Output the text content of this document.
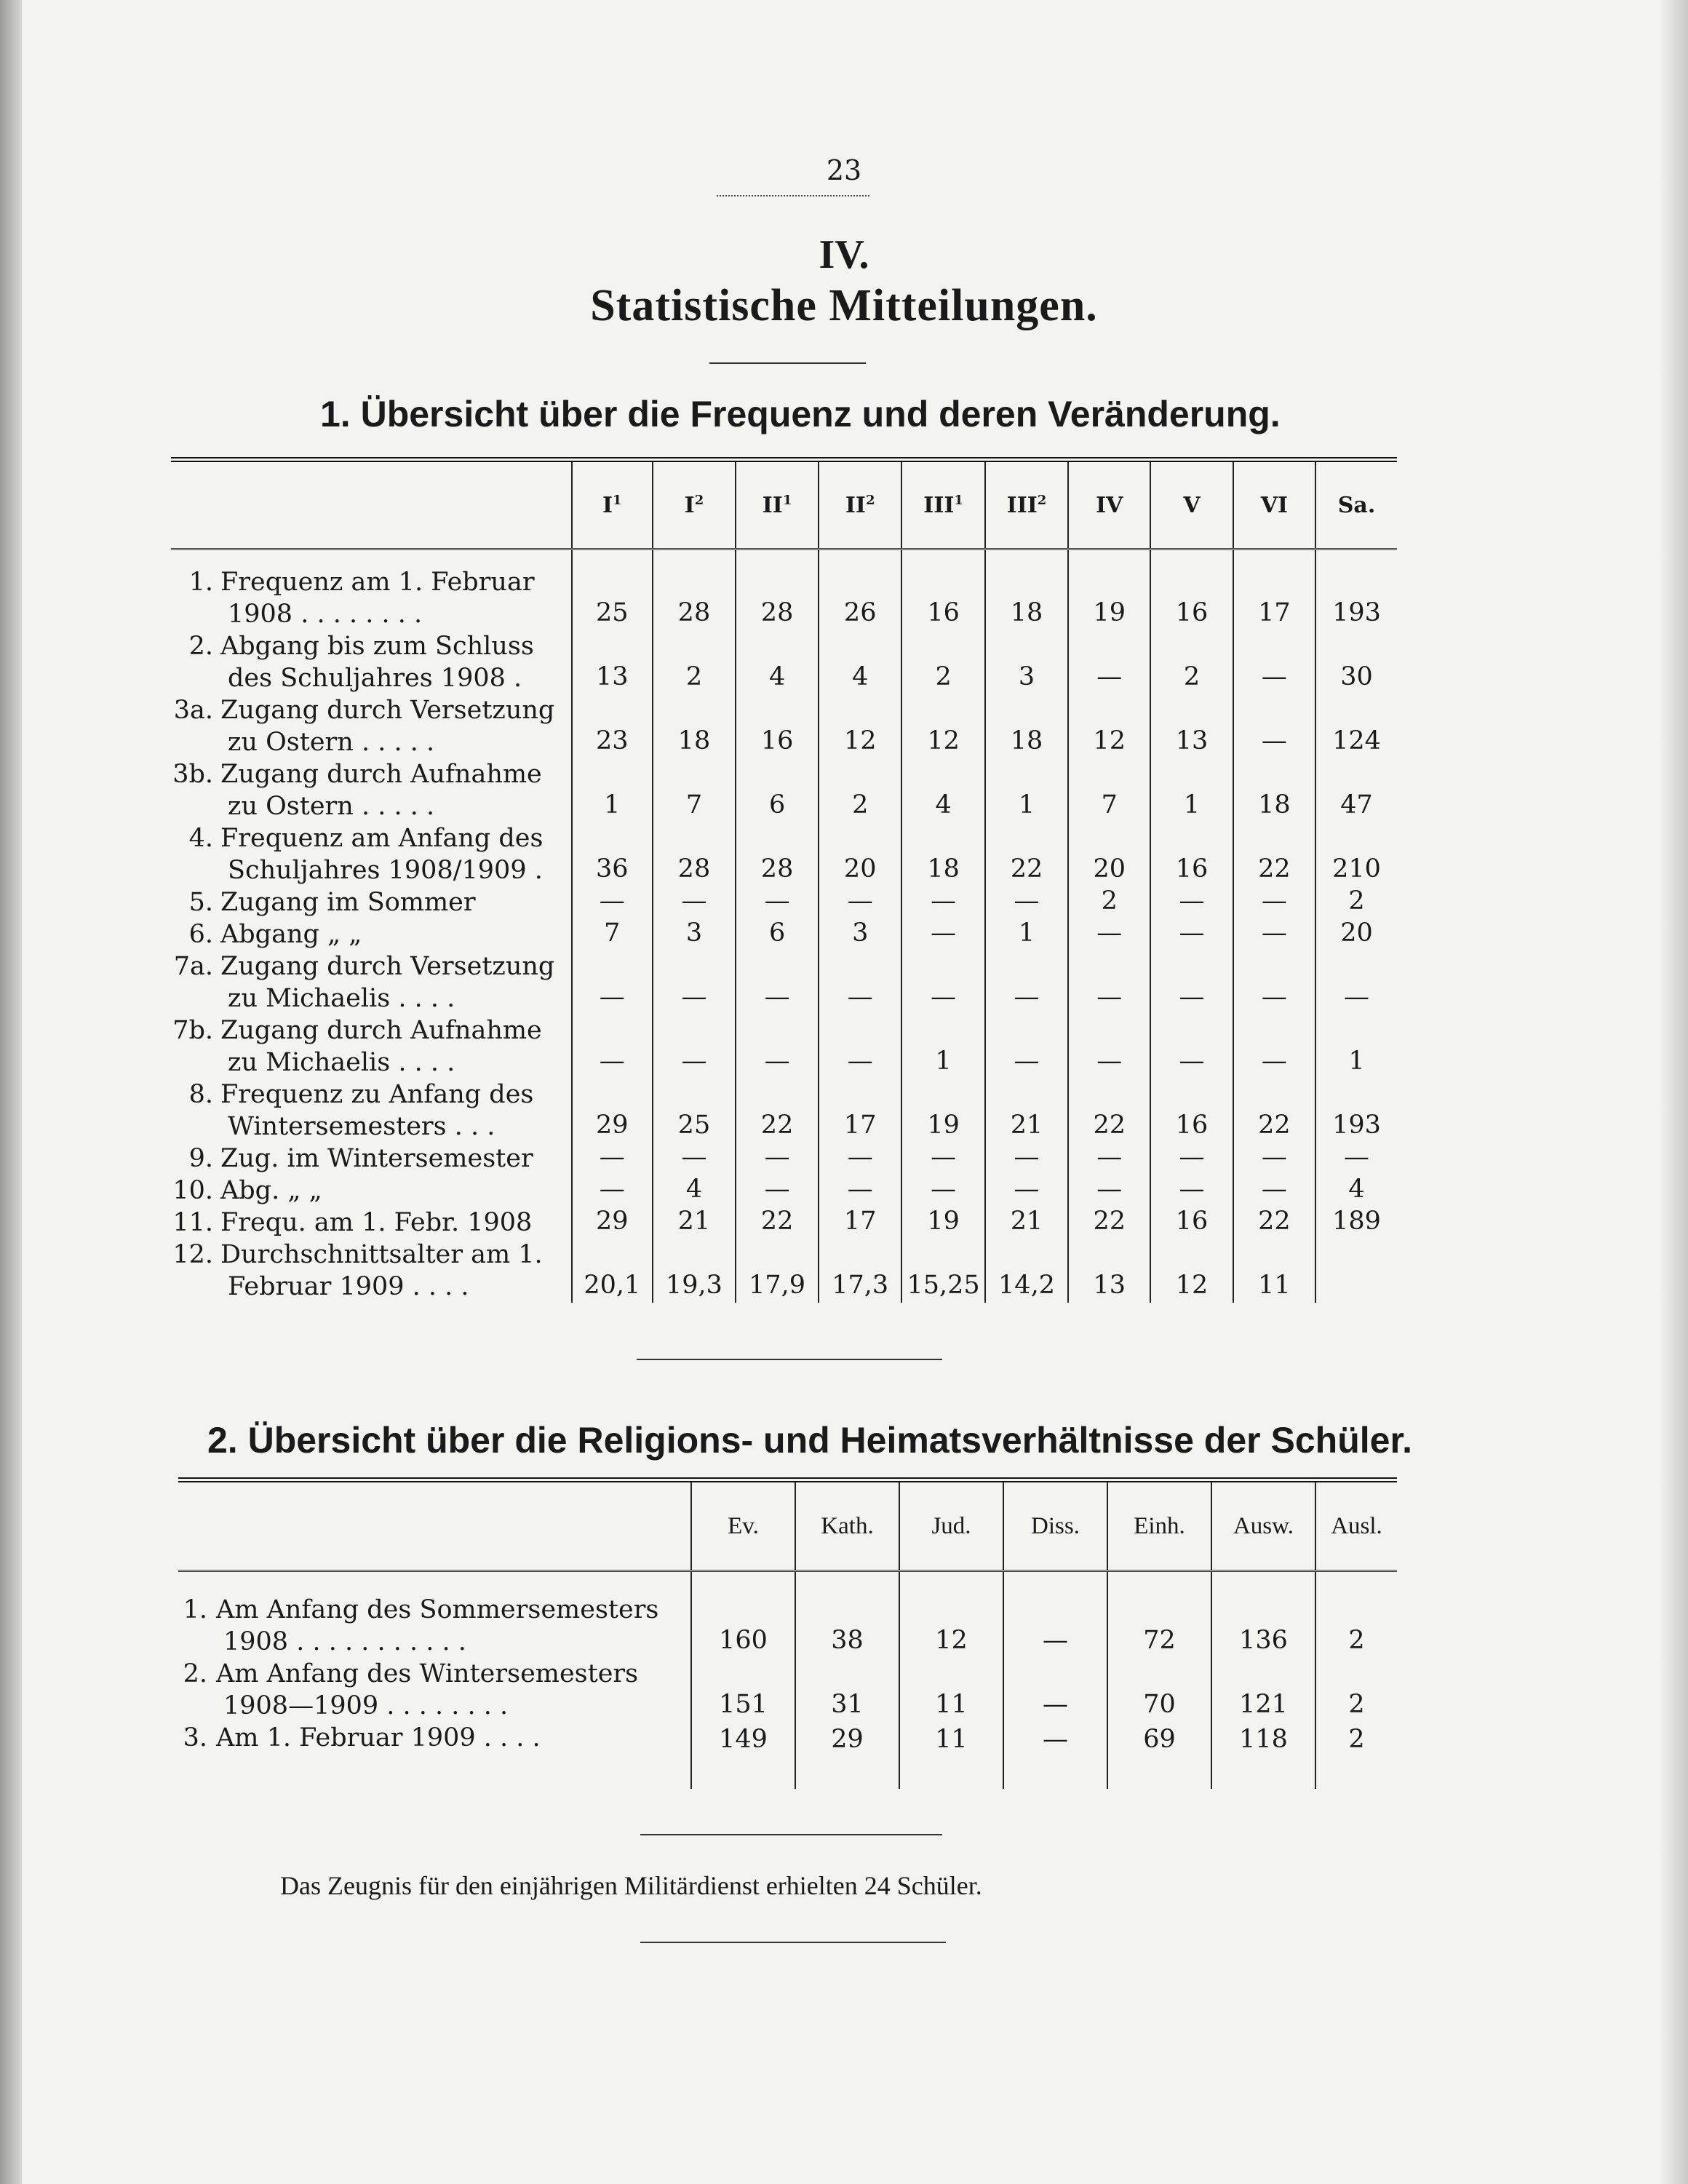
23
IV.
Statistische Mitteilungen.
1. Übersicht über die Frequenz und deren Veränderung.
	$I^1$	$I^2$	$II^1$	$II^2$	III$^1$	III$^2$	IV	V	VI	Sa.

1. Frequenz am 1. Februar
1908 . . . . . . . .	25	28	28	26	16	18	19	16	17	193

2. Abgang bis zum Schluss
des Schuljahres 1908 .	13	2	4	4	2	3	—	2	—	30

3a. Zugang durch Versetzung
zu Ostern . . . . .	23	18	16	12	12	18	12	13	—	124

3b. Zugang durch Aufnahme
zu Ostern . . . . .	1	7	6	2	4	1	7	1	18	47

4. Frequenz am Anfang des
Schuljahres 1908/1909 .	36	28	28	20	18	22	20	16	22	210

5. Zugang im Sommer	—	—	—	—	—	—	2	—	—	2

6. Abgang „ „	7	3	6	3	—	1	—	—	—	20

7a. Zugang durch Versetzung
zu Michaelis . . . .	—	—	—	—	—	—	—	—	—	—

7b. Zugang durch Aufnahme
zu Michaelis . . . .	—	—	—	—	1	—	—	—	—	1

8. Frequenz zu Anfang des
Wintersemesters . . .	29	25	22	17	19	21	22	16	22	193

9. Zug. im Wintersemester	—	—	—	—	—	—	—	—	—	—

10. Abg. „ „	—	4	—	—	—	—	—	—	—	4

11. Frequ. am 1. Febr. 1908	29	21	22	17	19	21	22	16	22	189

12. Durchschnittsalter am 1.
Februar 1909 . . . .	20,1	19,3	17,9	17,3	15,25	14,2	13	12	11	
2. Übersicht über die Religions- und Heimatsverhältnisse der Schüler.
	Ev.	Kath.	Jud.	Diss.	Einh.	Ausw.	Ausl.

1. Am Anfang des Sommersemesters
1908 . . . . . . . . . . .	160	38	12	—	72	136	2

2. Am Anfang des Wintersemesters
1908—1909 . . . . . . . .	151	31	11	—	70	121	2

3. Am 1. Februar 1909 . . . .	149	29	11	—	69	118	2
Das Zeugnis für den einjährigen Militärdienst erhielten 24 Schüler.
